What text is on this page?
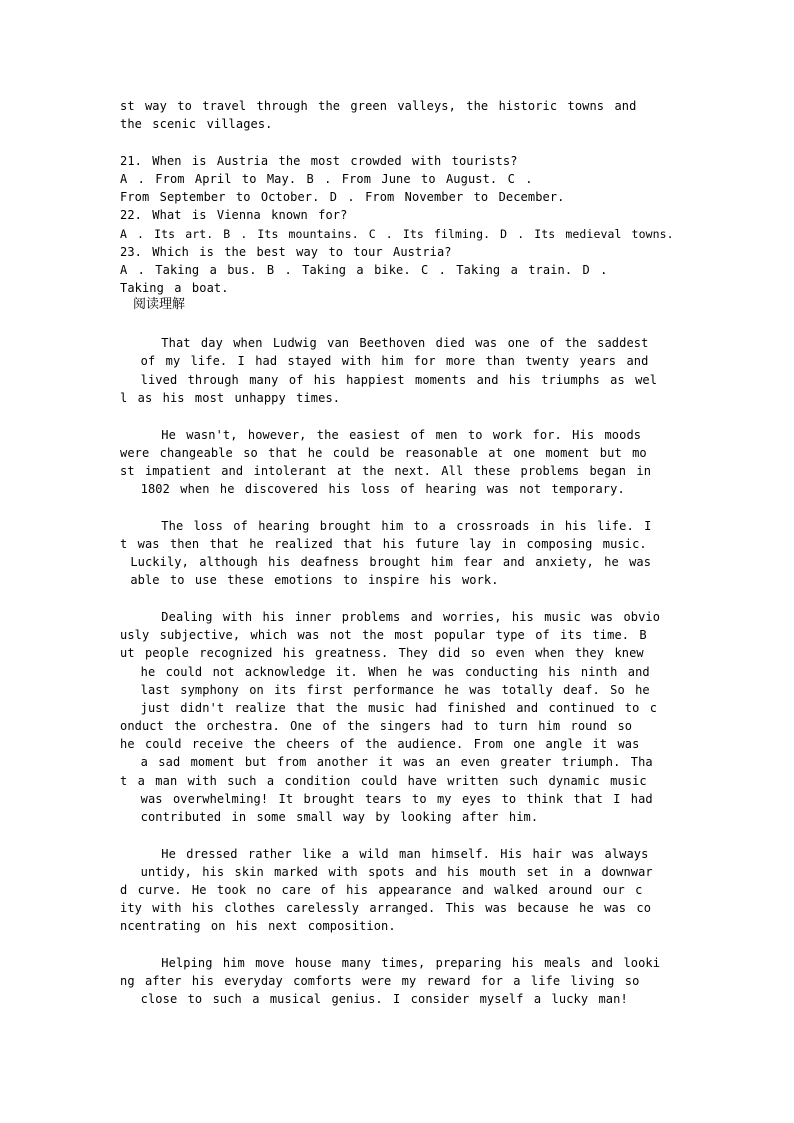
st way to travel through the green valleys, the historic towns and
the scenic villages.
21. When is Austria the most crowded with tourists?
A . From April to May. B . From June to August. C .
From September to October. D . From November to December.
22. What is Vienna known for?
A . Its art. B . Its mountains. C . Its filming. D . Its medieval towns.
23. Which is the best way to tour Austria?
A . Taking a bus. B . Taking a bike. C . Taking a train. D .
Taking a boat.
阅读理解
That day when Ludwig van Beethoven died was one of the saddest
of my life. I had stayed with him for more than twenty years and
lived through many of his happiest moments and his triumphs as wel
l as his most unhappy times.
He wasn't, however, the easiest of men to work for. His moods
were changeable so that he could be reasonable at one moment but mo
st impatient and intolerant at the next. All these problems began in
1802 when he discovered his loss of hearing was not temporary.
The loss of hearing brought him to a crossroads in his life. I
t was then that he realized that his future lay in composing music.
Luckily, although his deafness brought him fear and anxiety, he was
able to use these emotions to inspire his work.
Dealing with his inner problems and worries, his music was obvio
usly subjective, which was not the most popular type of its time. B
ut people recognized his greatness. They did so even when they knew
he could not acknowledge it. When he was conducting his ninth and
last symphony on its first performance he was totally deaf. So he
just didn't realize that the music had finished and continued to c
onduct the orchestra. One of the singers had to turn him round so
he could receive the cheers of the audience. From one angle it was
a sad moment but from another it was an even greater triumph. Tha
t a man with such a condition could have written such dynamic music
was overwhelming! It brought tears to my eyes to think that I had
contributed in some small way by looking after him.
He dressed rather like a wild man himself. His hair was always
untidy, his skin marked with spots and his mouth set in a downwar
d curve. He took no care of his appearance and walked around our c
ity with his clothes carelessly arranged. This was because he was co
ncentrating on his next composition.
Helping him move house many times, preparing his meals and looki
ng after his everyday comforts were my reward for a life living so
close to such a musical genius. I consider myself a lucky man!
